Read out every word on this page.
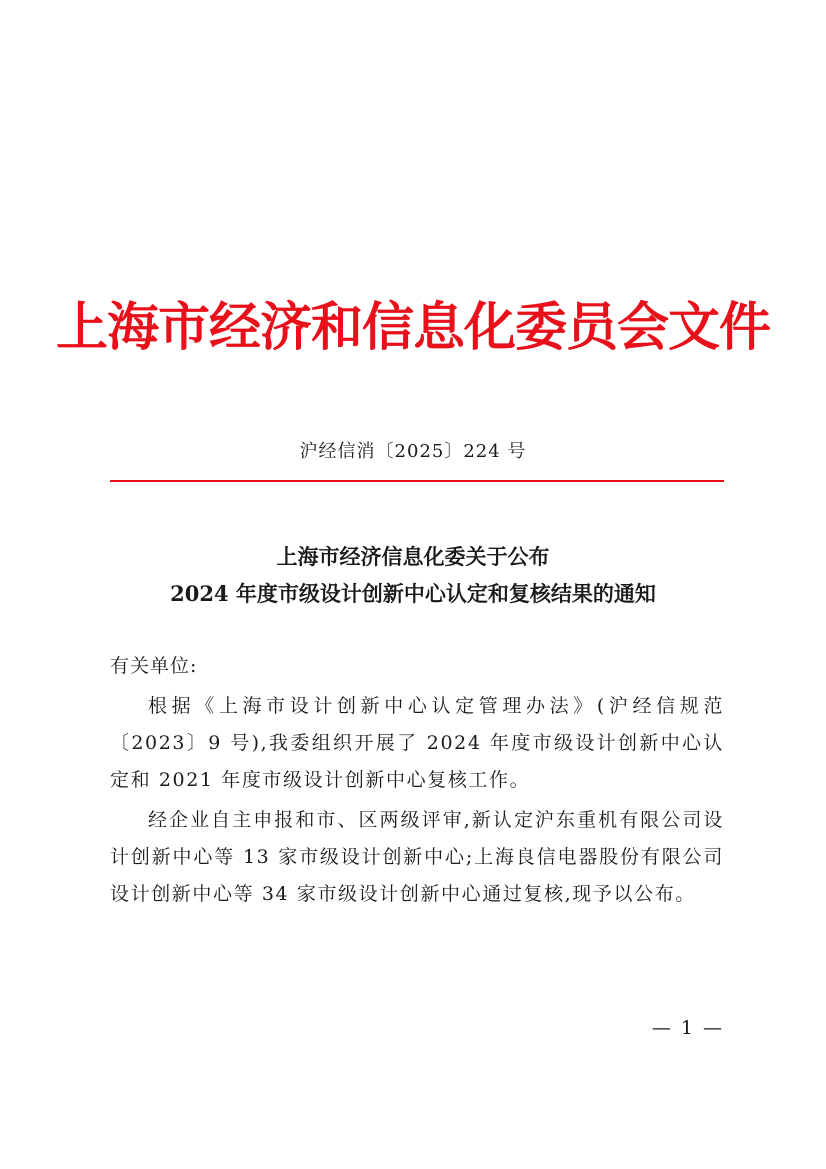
上海市经济和信息化委员会文件
沪经信消〔2025〕224 号
上海市经济信息化委关于公布
2024 年度市级设计创新中心认定和复核结果的通知

有关单位:

根据《上海市设计创新中心认定管理办法》(沪经信规范〔2023〕9 号),我委组织开展了 2024 年度市级设计创新中心认定和 2021 年度市级设计创新中心复核工作。

经企业自主申报和市、区两级评审,新认定沪东重机有限公司设计创新中心等 13 家市级设计创新中心;上海良信电器股份有限公司设计创新中心等 34 家市级设计创新中心通过复核,现予以公布。

— 1 —
